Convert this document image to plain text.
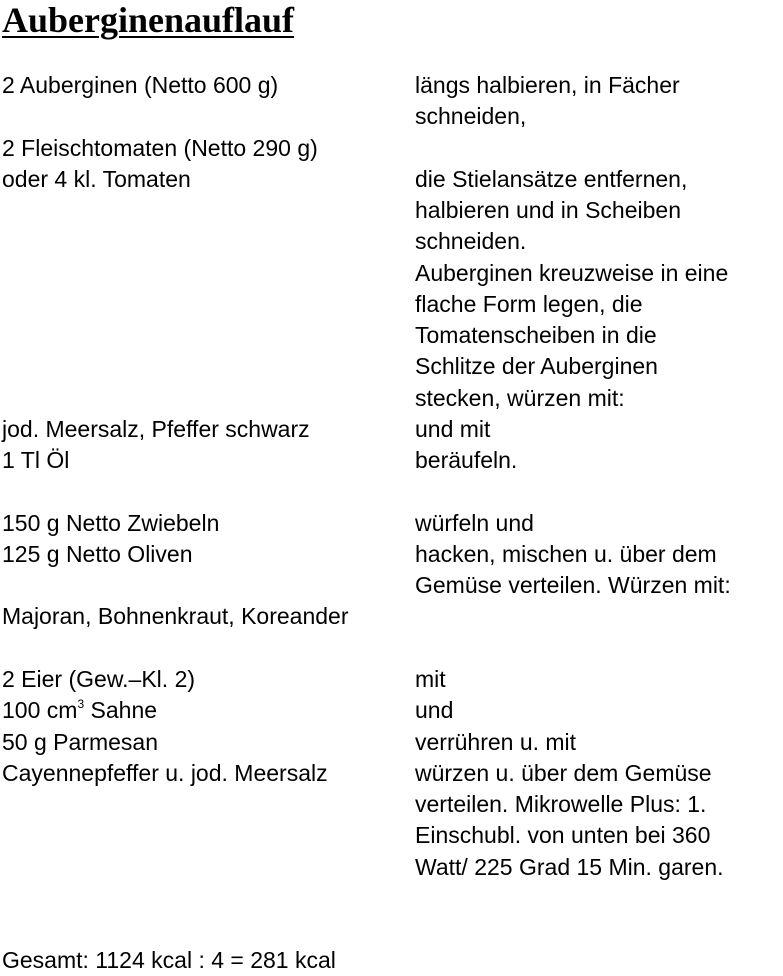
Auberginenauflauf
2 Auberginen (Netto 600 g)	längs halbieren, in Fächer
schneiden,
2 Fleischtomaten (Netto 290 g)
oder 4 kl. Tomaten	die Stielansätze entfernen,
halbieren und in Scheiben
schneiden.
Auberginen kreuzweise in eine
flache Form legen, die
Tomatenscheiben in die
Schlitze der Auberginen
stecken, würzen mit:
jod. Meersalz, Pfeffer schwarz	und mit
1 Tl Öl	beräufeln.
150 g Netto Zwiebeln	würfeln und
125 g Netto Oliven	hacken, mischen u. über dem
Gemüse verteilen. Würzen mit:
Majoran, Bohnenkraut, Koreander
2 Eier (Gew.–Kl. 2)	mit
100 $cm^3$ Sahne	und
50 g Parmesan	verrühren u. mit
Cayennepfeffer u. jod. Meersalz	würzen u. über dem Gemüse
verteilen. Mikrowelle Plus: 1.
Einschubl. von unten bei 360
Watt/ 225 Grad 15 Min. garen.
Gesamt: 1124 kcal : 4 = 281 kcal
